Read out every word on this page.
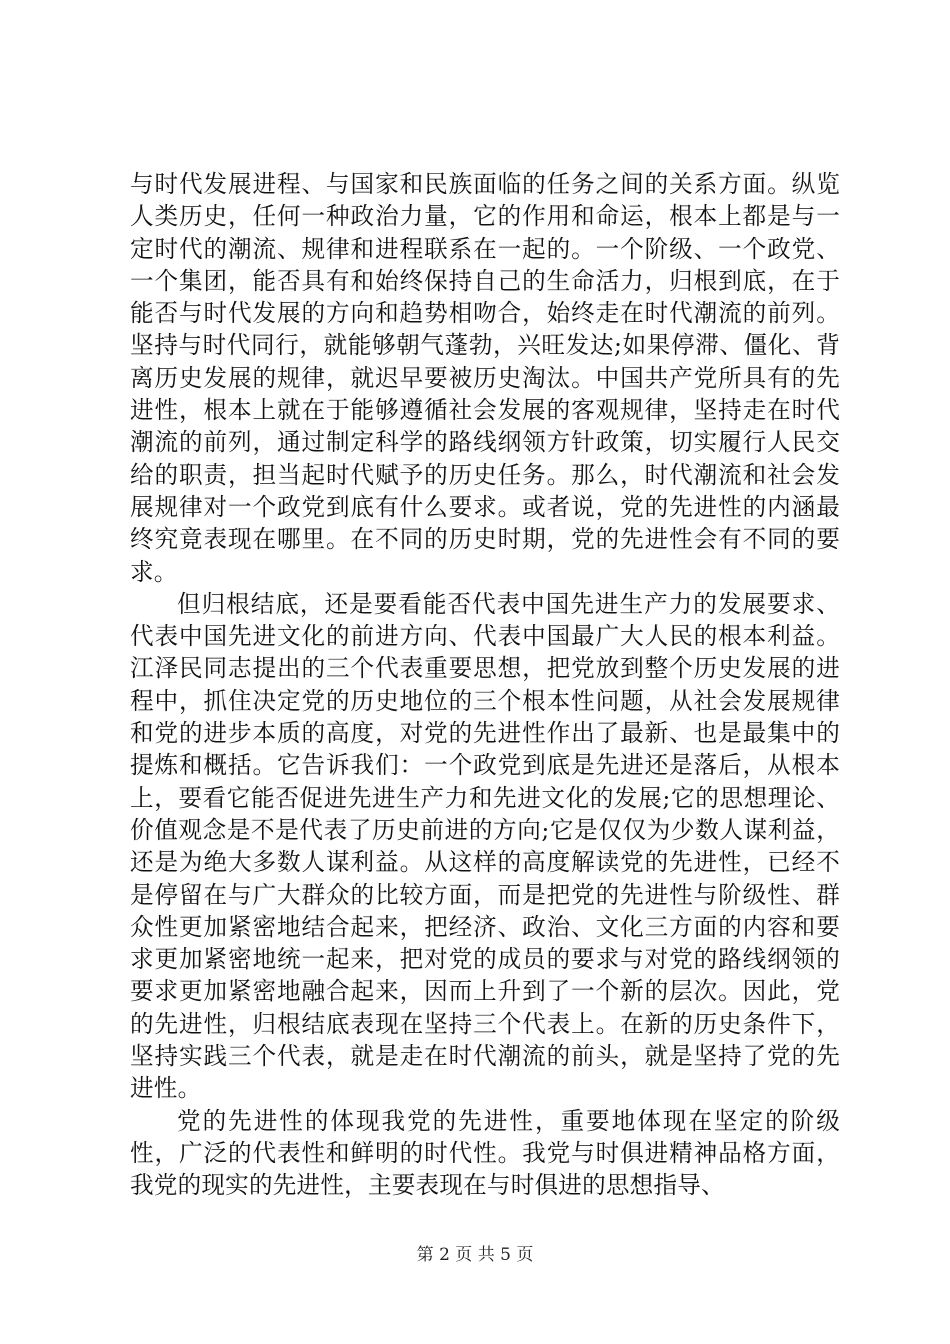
与时代发展进程、与国家和民族面临的任务之间的关系方面。纵览人类历史，任何一种政治力量，它的作用和命运，根本上都是与一定时代的潮流、规律和进程联系在一起的。一个阶级、一个政党、一个集团，能否具有和始终保持自己的生命活力，归根到底，在于能否与时代发展的方向和趋势相吻合，始终走在时代潮流的前列。坚持与时代同行，就能够朝气蓬勃，兴旺发达;如果停滞、僵化、背离历史发展的规律，就迟早要被历史淘汰。中国共产党所具有的先进性，根本上就在于能够遵循社会发展的客观规律，坚持走在时代潮流的前列，通过制定科学的路线纲领方针政策，切实履行人民交给的职责，担当起时代赋予的历史任务。那么，时代潮流和社会发展规律对一个政党到底有什么要求。或者说，党的先进性的内涵最终究竟表现在哪里。在不同的历史时期，党的先进性会有不同的要求。

但归根结底，还是要看能否代表中国先进生产力的发展要求、代表中国先进文化的前进方向、代表中国最广大人民的根本利益。江泽民同志提出的三个代表重要思想，把党放到整个历史发展的进程中，抓住决定党的历史地位的三个根本性问题，从社会发展规律和党的进步本质的高度，对党的先进性作出了最新、也是最集中的提炼和概括。它告诉我们：一个政党到底是先进还是落后，从根本上，要看它能否促进先进生产力和先进文化的发展;它的思想理论、价值观念是不是代表了历史前进的方向;它是仅仅为少数人谋利益，还是为绝大多数人谋利益。从这样的高度解读党的先进性，已经不是停留在与广大群众的比较方面，而是把党的先进性与阶级性、群众性更加紧密地结合起来，把经济、政治、文化三方面的内容和要求更加紧密地统一起来，把对党的成员的要求与对党的路线纲领的要求更加紧密地融合起来，因而上升到了一个新的层次。因此，党的先进性，归根结底表现在坚持三个代表上。在新的历史条件下，坚持实践三个代表，就是走在时代潮流的前头，就是坚持了党的先进性。

党的先进性的体现我党的先进性，重要地体现在坚定的阶级性，广泛的代表性和鲜明的时代性。我党与时俱进精神品格方面，我党的现实的先进性，主要表现在与时俱进的思想指导、

第 2 页 共 5 页
